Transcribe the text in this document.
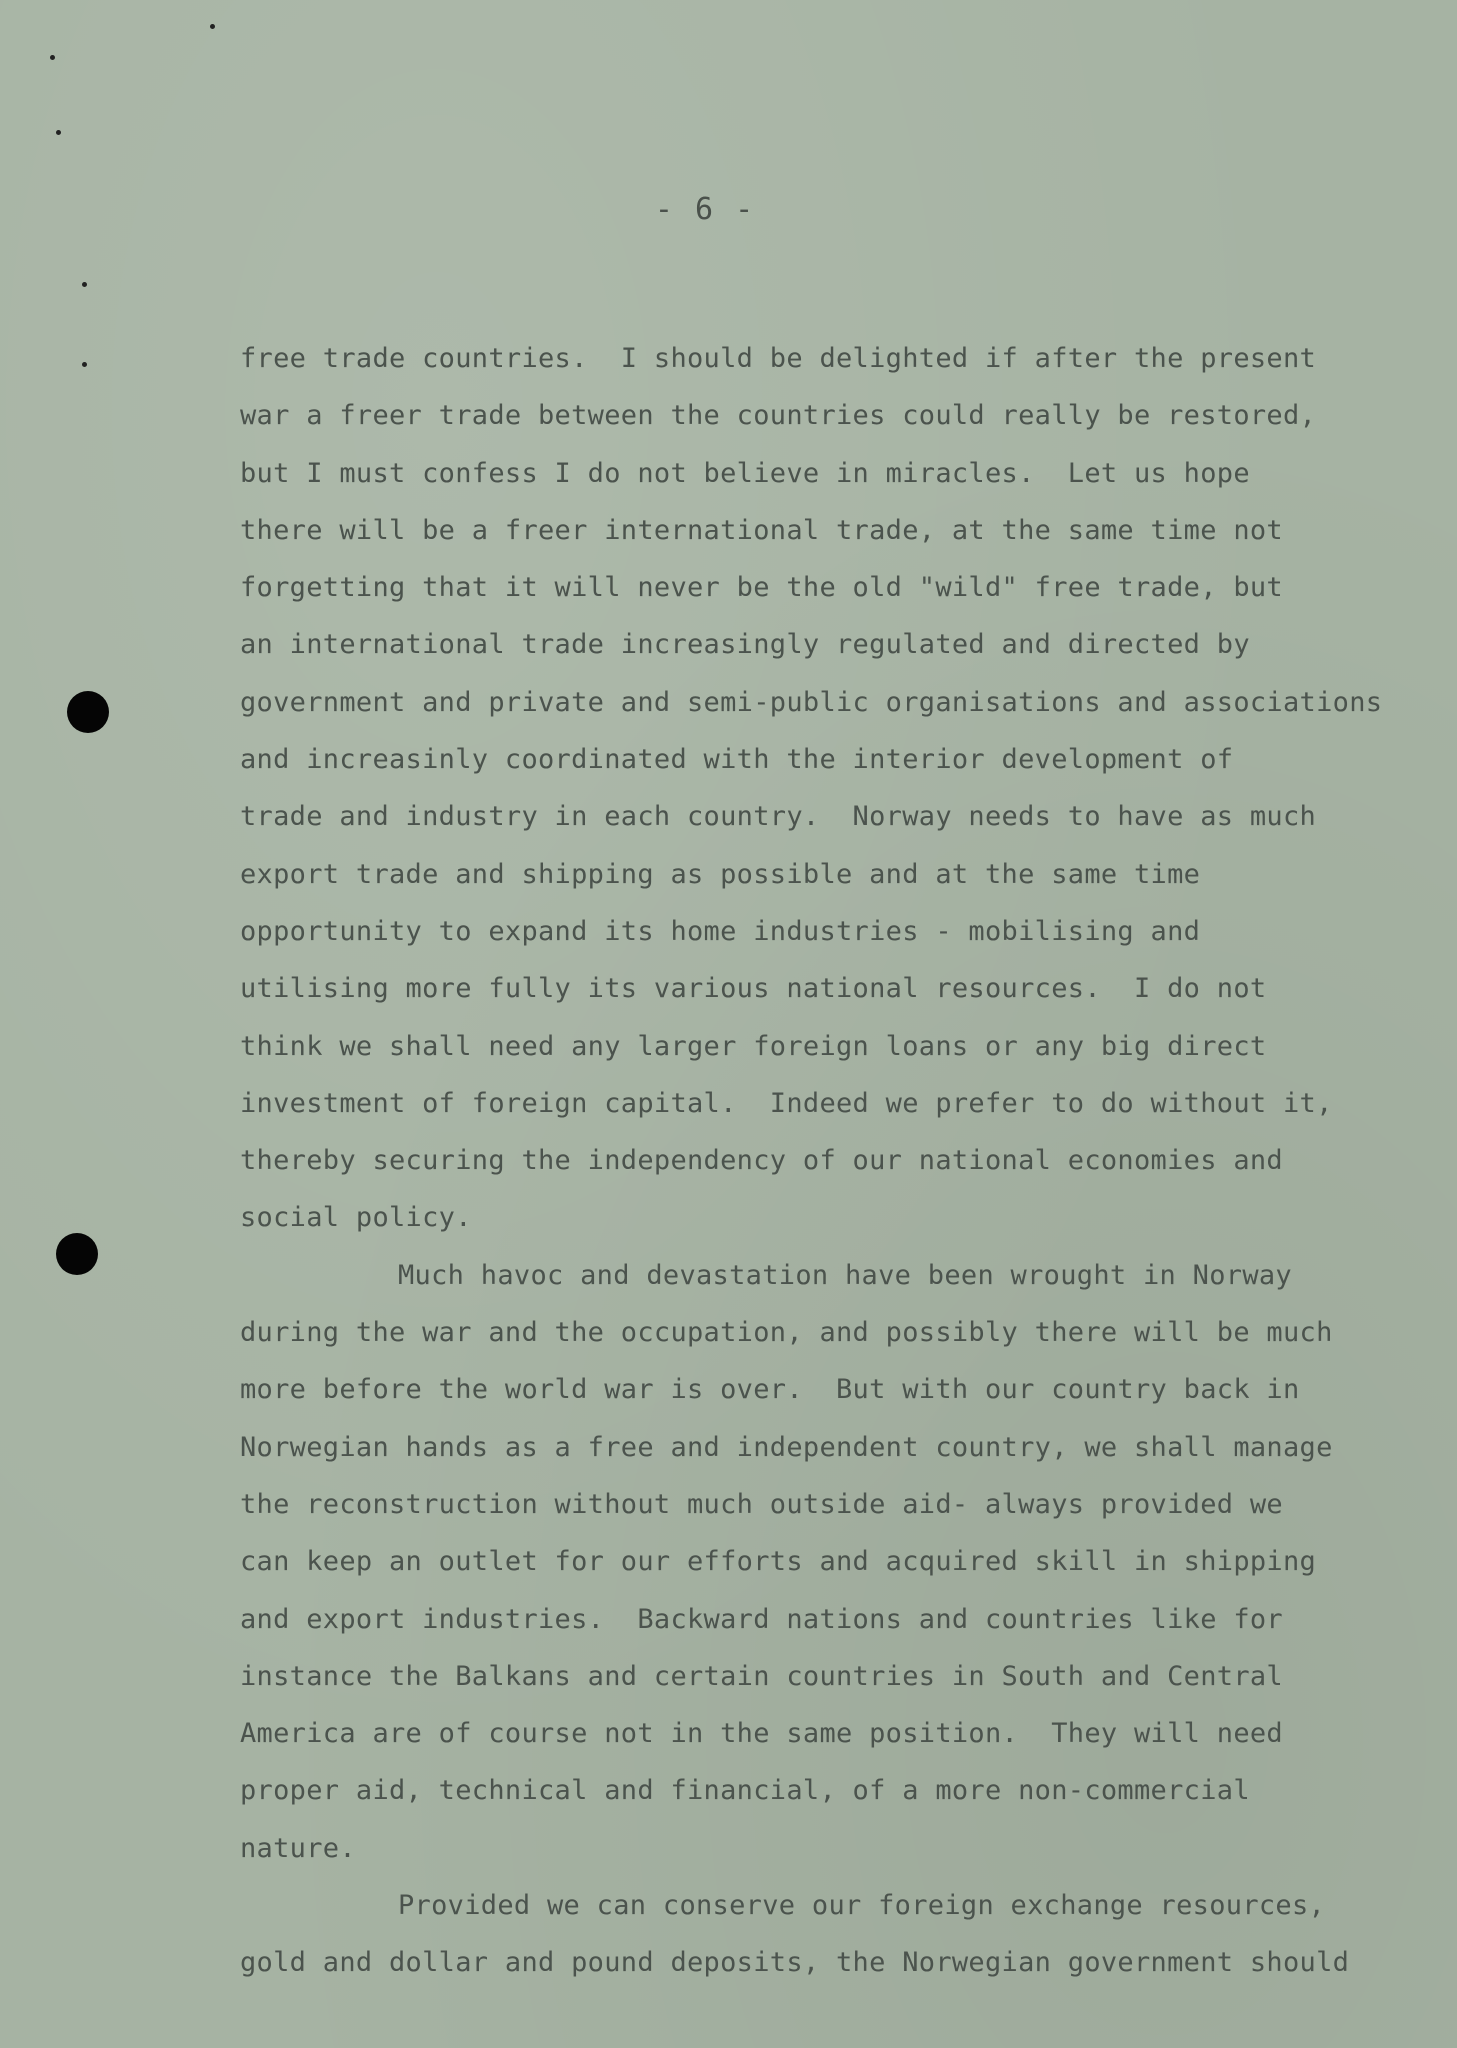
- 6 -
free trade countries.  I should be delighted if after the present
war a freer trade between the countries could really be restored,
but I must confess I do not believe in miracles.  Let us hope
there will be a freer international trade, at the same time not
forgetting that it will never be the old "wild" free trade, but
an international trade increasingly regulated and directed by
government and private and semi-public organisations and associations
and increasinly coordinated with the interior development of
trade and industry in each country.  Norway needs to have as much
export trade and shipping as possible and at the same time
opportunity to expand its home industries - mobilising and
utilising more fully its various national resources.  I do not
think we shall need any larger foreign loans or any big direct
investment of foreign capital.  Indeed we prefer to do without it,
thereby securing the independency of our national economies and
social policy.
Much havoc and devastation have been wrought in Norway
during the war and the occupation, and possibly there will be much
more before the world war is over.  But with our country back in
Norwegian hands as a free and independent country, we shall manage
the reconstruction without much outside aid- always provided we
can keep an outlet for our efforts and acquired skill in shipping
and export industries.  Backward nations and countries like for
instance the Balkans and certain countries in South and Central
America are of course not in the same position.  They will need
proper aid, technical and financial, of a more non-commercial
nature.
Provided we can conserve our foreign exchange resources,
gold and dollar and pound deposits, the Norwegian government should
